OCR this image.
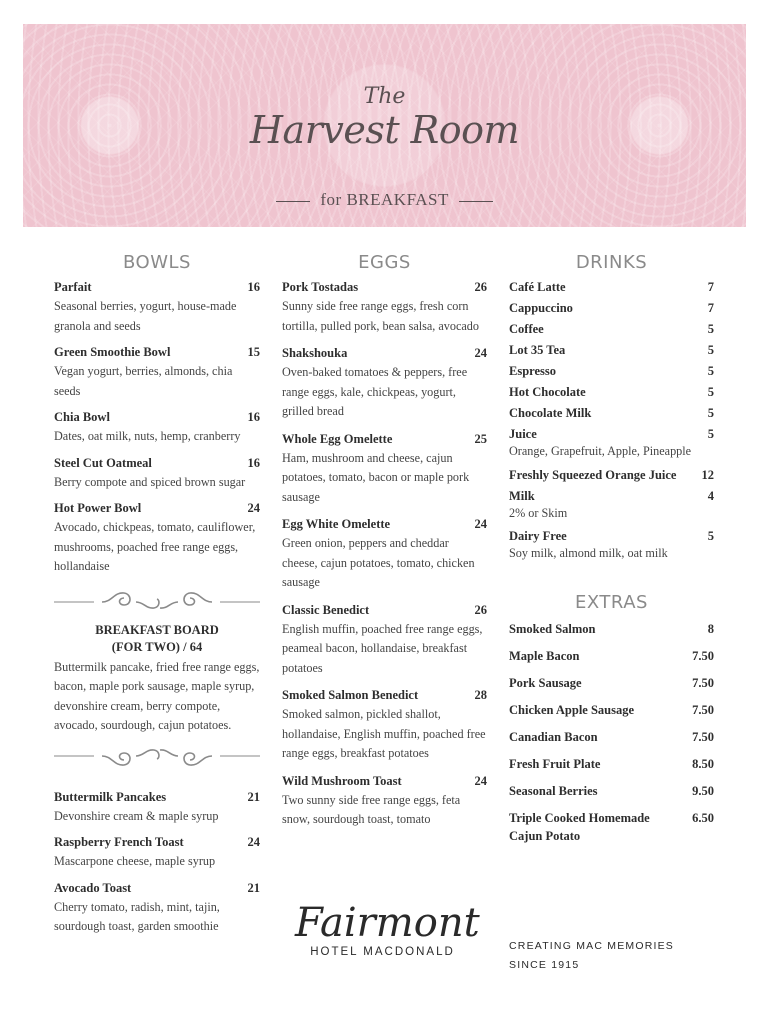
The
Harvest Room
for BREAKFAST
BOWLS
Parfait	16
Seasonal berries, yogurt, house-made granola and seeds
Green Smoothie Bowl	15
Vegan yogurt, berries, almonds, chia seeds
Chia Bowl	16
Dates, oat milk, nuts, hemp, cranberry
Steel Cut Oatmeal	16
Berry compote and spiced brown sugar
Hot Power Bowl	24
Avocado, chickpeas, tomato, cauliflower, mushrooms, poached free range eggs, hollandaise
BREAKFAST BOARD
(FOR TWO) / 64
Buttermilk pancake, fried free range eggs, bacon, maple pork sausage, maple syrup, devonshire cream, berry compote, avocado, sourdough, cajun potatoes.
Buttermilk Pancakes	21
Devonshire cream & maple syrup
Raspberry French Toast	24
Mascarpone cheese, maple syrup
Avocado Toast	21
Cherry tomato, radish, mint, tajin, sourdough toast, garden smoothie
EGGS
Pork Tostadas	26
Sunny side free range eggs, fresh corn tortilla, pulled pork, bean salsa, avocado
Shakshouka	24
Oven-baked tomatoes & peppers, free range eggs, kale, chickpeas, yogurt, grilled bread
Whole Egg Omelette	25
Ham, mushroom and cheese, cajun potatoes, tomato, bacon or maple pork sausage
Egg White Omelette	24
Green onion, peppers and cheddar cheese, cajun potatoes, tomato, chicken sausage
Classic Benedict	26
English muffin, poached free range eggs, peameal bacon, hollandaise, breakfast potatoes
Smoked Salmon Benedict	28
Smoked salmon, pickled shallot, hollandaise, English muffin, poached free range eggs, breakfast potatoes
Wild Mushroom Toast	24
Two sunny side free range eggs, feta snow, sourdough toast, tomato
DRINKS
Café Latte	7
Cappuccino	7
Coffee	5
Lot 35 Tea	5
Espresso	5
Hot Chocolate	5
Chocolate Milk	5
Juice	5
Orange, Grapefruit, Apple, Pineapple
Freshly Squeezed Orange Juice 12
Milk	4
2% or Skim
Dairy Free	5
Soy milk, almond milk, oat milk
EXTRAS
Smoked Salmon	8
Maple Bacon	7.50
Pork Sausage	7.50
Chicken Apple Sausage	7.50
Canadian Bacon	7.50
Fresh Fruit Plate	8.50
Seasonal Berries	9.50
Triple Cooked Homemade Cajun Potato
6.50
Fairmont
HOTEL MACDONALD	CREATING MAC MEMORIES
SINCE 1915
